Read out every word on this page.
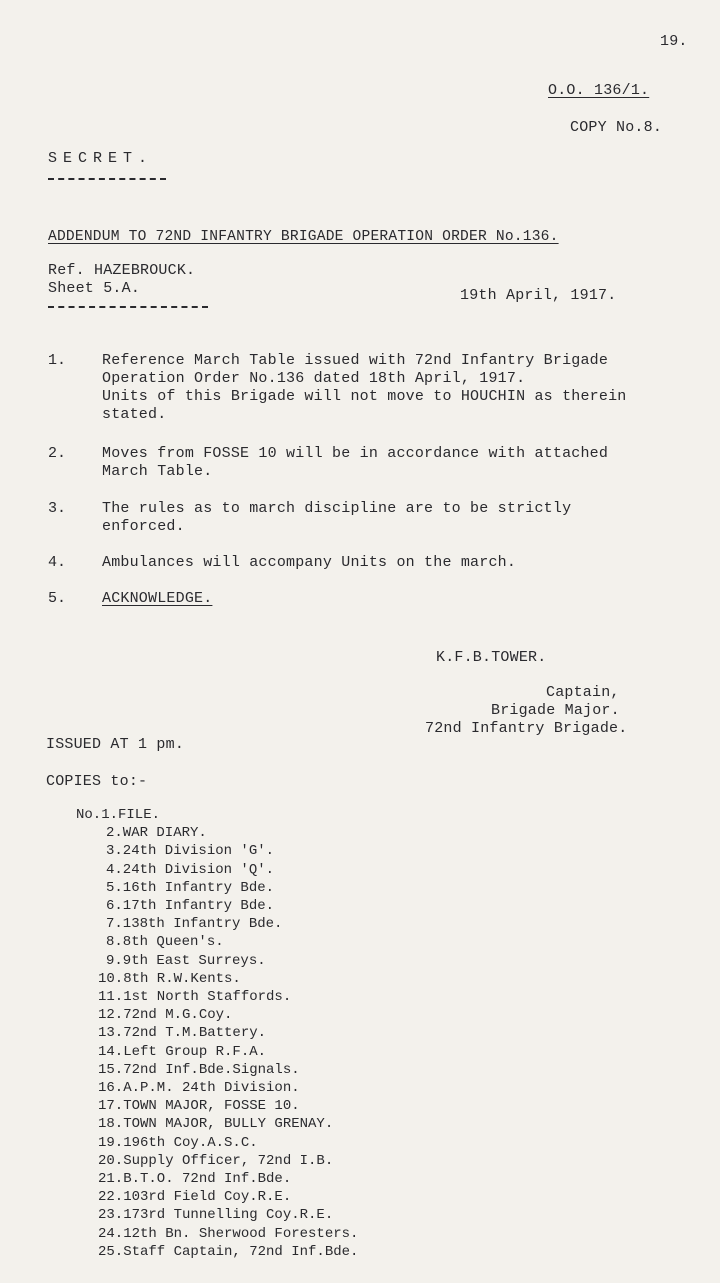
19.
O.O. 136/1.
COPY No.8.
SECRET.
ADDENDUM TO 72ND INFANTRY BRIGADE OPERATION ORDER No.136.
Ref. HAZEBROUCK.
Sheet 5.A.	19th April, 1917.
1. Reference March Table issued with 72nd Infantry Brigade
Operation Order No.136 dated 18th April, 1917.
Units of this Brigade will not move to HOUCHIN as therein
stated.
2. Moves from FOSSE 10 will be in accordance with attached
March Table.
3. The rules as to march discipline are to be strictly
enforced.
4. Ambulances will accompany Units on the march.
5. ACKNOWLEDGE.
K.F.B.TOWER.
Captain,
Brigade Major.
72nd Infantry Brigade.
ISSUED AT 1 pm.
COPIES to:-
No.1.FILE.
2.WAR DIARY.
3.24th Division 'G'.
4.24th Division 'Q'.
5.16th Infantry Bde.
6.17th Infantry Bde.
7.138th Infantry Bde.
8.8th Queen's.
9.9th East Surreys.
10.8th R.W.Kents.
11.1st North Staffords.
12.72nd M.G.Coy.
13.72nd T.M.Battery.
14.Left Group R.F.A.
15.72nd Inf.Bde.Signals.
16.A.P.M. 24th Division.
17.TOWN MAJOR, FOSSE 10.
18.TOWN MAJOR, BULLY GRENAY.
19.196th Coy.A.S.C.
20.Supply Officer, 72nd I.B.
21.B.T.O. 72nd Inf.Bde.
22.103rd Field Coy.R.E.
23.173rd Tunnelling Coy.R.E.
24.12th Bn. Sherwood Foresters.
25.Staff Captain, 72nd Inf.Bde.
